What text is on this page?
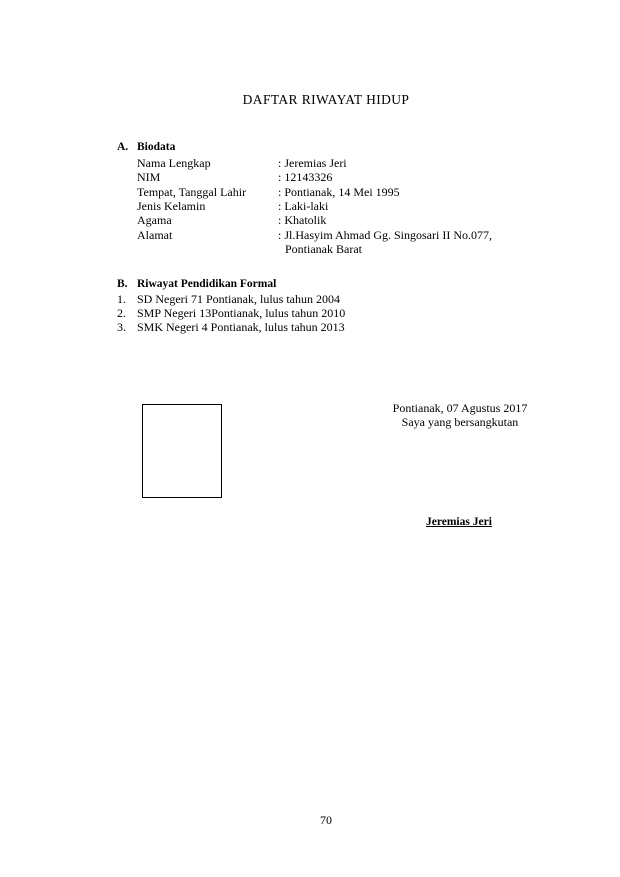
DAFTAR RIWAYAT HIDUP
A. Biodata
Nama Lengkap	: Jeremias Jeri
NIM	: 12143326
Tempat, Tanggal Lahir	: Pontianak, 14 Mei 1995
Jenis Kelamin	: Laki-laki
Agama	: Khatolik
Alamat	: Jl.Hasyim Ahmad Gg. Singosari II No.077,
Pontianak Barat
B. Riwayat Pendidikan Formal
1. SD Negeri 71 Pontianak, lulus tahun 2004
2. SMP Negeri 13Pontianak, lulus tahun 2010
3. SMK Negeri 4 Pontianak, lulus tahun 2013
Pontianak, 07 Agustus 2017
Saya yang bersangkutan
Jeremias Jeri
70
